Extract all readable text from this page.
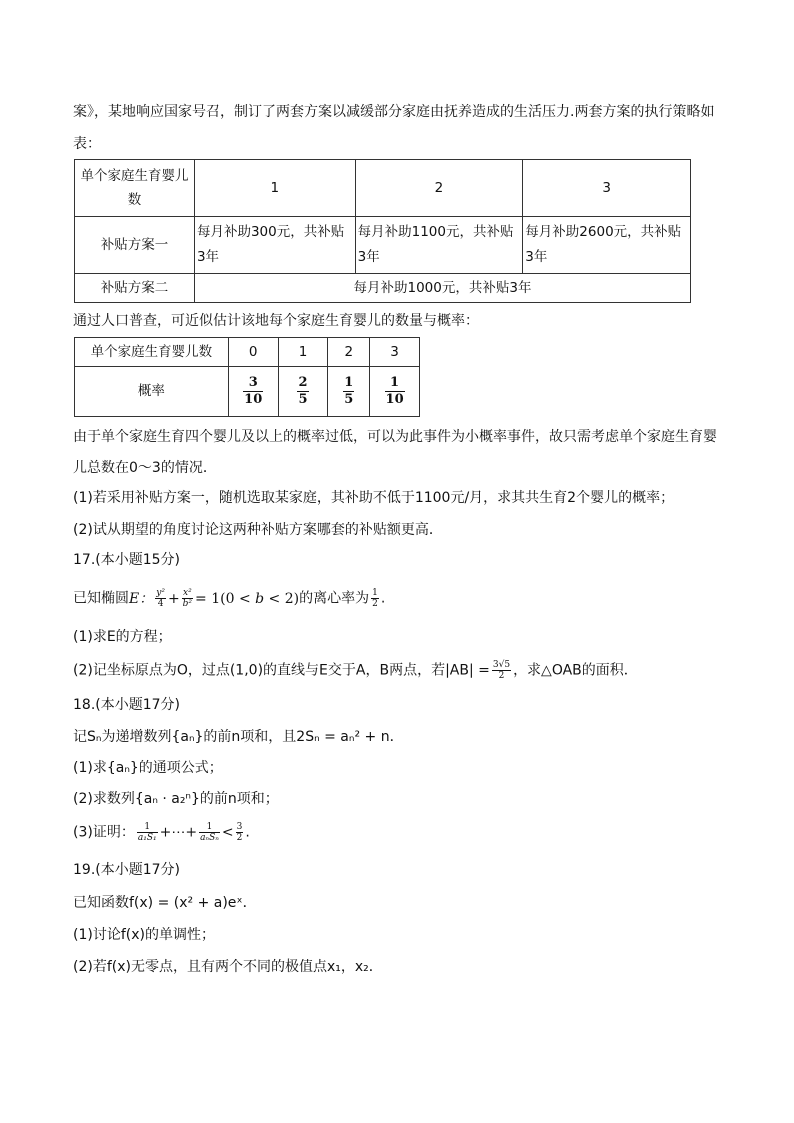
案》，某地响应国家号召，制订了两套方案以减缓部分家庭由抚养造成的生活压力.两套方案的执行策略如
表：
单个家庭生育婴儿数	1	2	3
补贴方案一	每月补助300元，共补贴3年	每月补助1100元，共补贴3年	每月补助2600元，共补贴3年
补贴方案二	每月补助1000元，共补贴3年		
通过人口普查，可近似估计该地每个家庭生育婴儿的数量与概率：
单个家庭生育婴儿数	0	1	2	3
概率	$\frac{3}{10}$	$\frac{2}{5}$	$\frac{1}{5}$	$\frac{1}{10}$
由于单个家庭生育四个婴儿及以上的概率过低，可以为此事件为小概率事件，故只需考虑单个家庭生育婴
儿总数在0～3的情况．
(1)若采用补贴方案一，随机选取某家庭，其补助不低于1100元/月，求其共生育2个婴儿的概率；
(2)试从期望的角度讨论这两种补贴方案哪套的补贴额更高．
17.(本小题15分)
已知椭圆E： $\frac{\text{y²}}{4} + \frac{\text{x²}}{\text{b²}} = 1(0 < b < 2)$的离心率为 $\frac{1}{2}$ .
(1)求E的方程；
(2)记坐标原点为O，过点(1,0)的直线与E交于A，B两点，若$|AB| = \frac{3√5}{2}$ ，求△OAB的面积．
18.(本小题17分)
记Sₙ为递增数列{aₙ}的前n项和，且2Sₙ = aₙ² + n．
(1)求{aₙ}的通项公式；
(2)求数列{aₙ · a₂ⁿ}的前n项和；
(3)证明： $\frac{1}{\text{a₁S₁}}$ +⋯+ $\frac{1}{\text{aₙSₙ}} < \frac{3}{2}$ .
19.(本小题17分)
已知函数f(x) = (x² + a)eˣ．
(1)讨论f(x)的单调性；
(2)若f(x)无零点，且有两个不同的极值点x₁，x₂．
